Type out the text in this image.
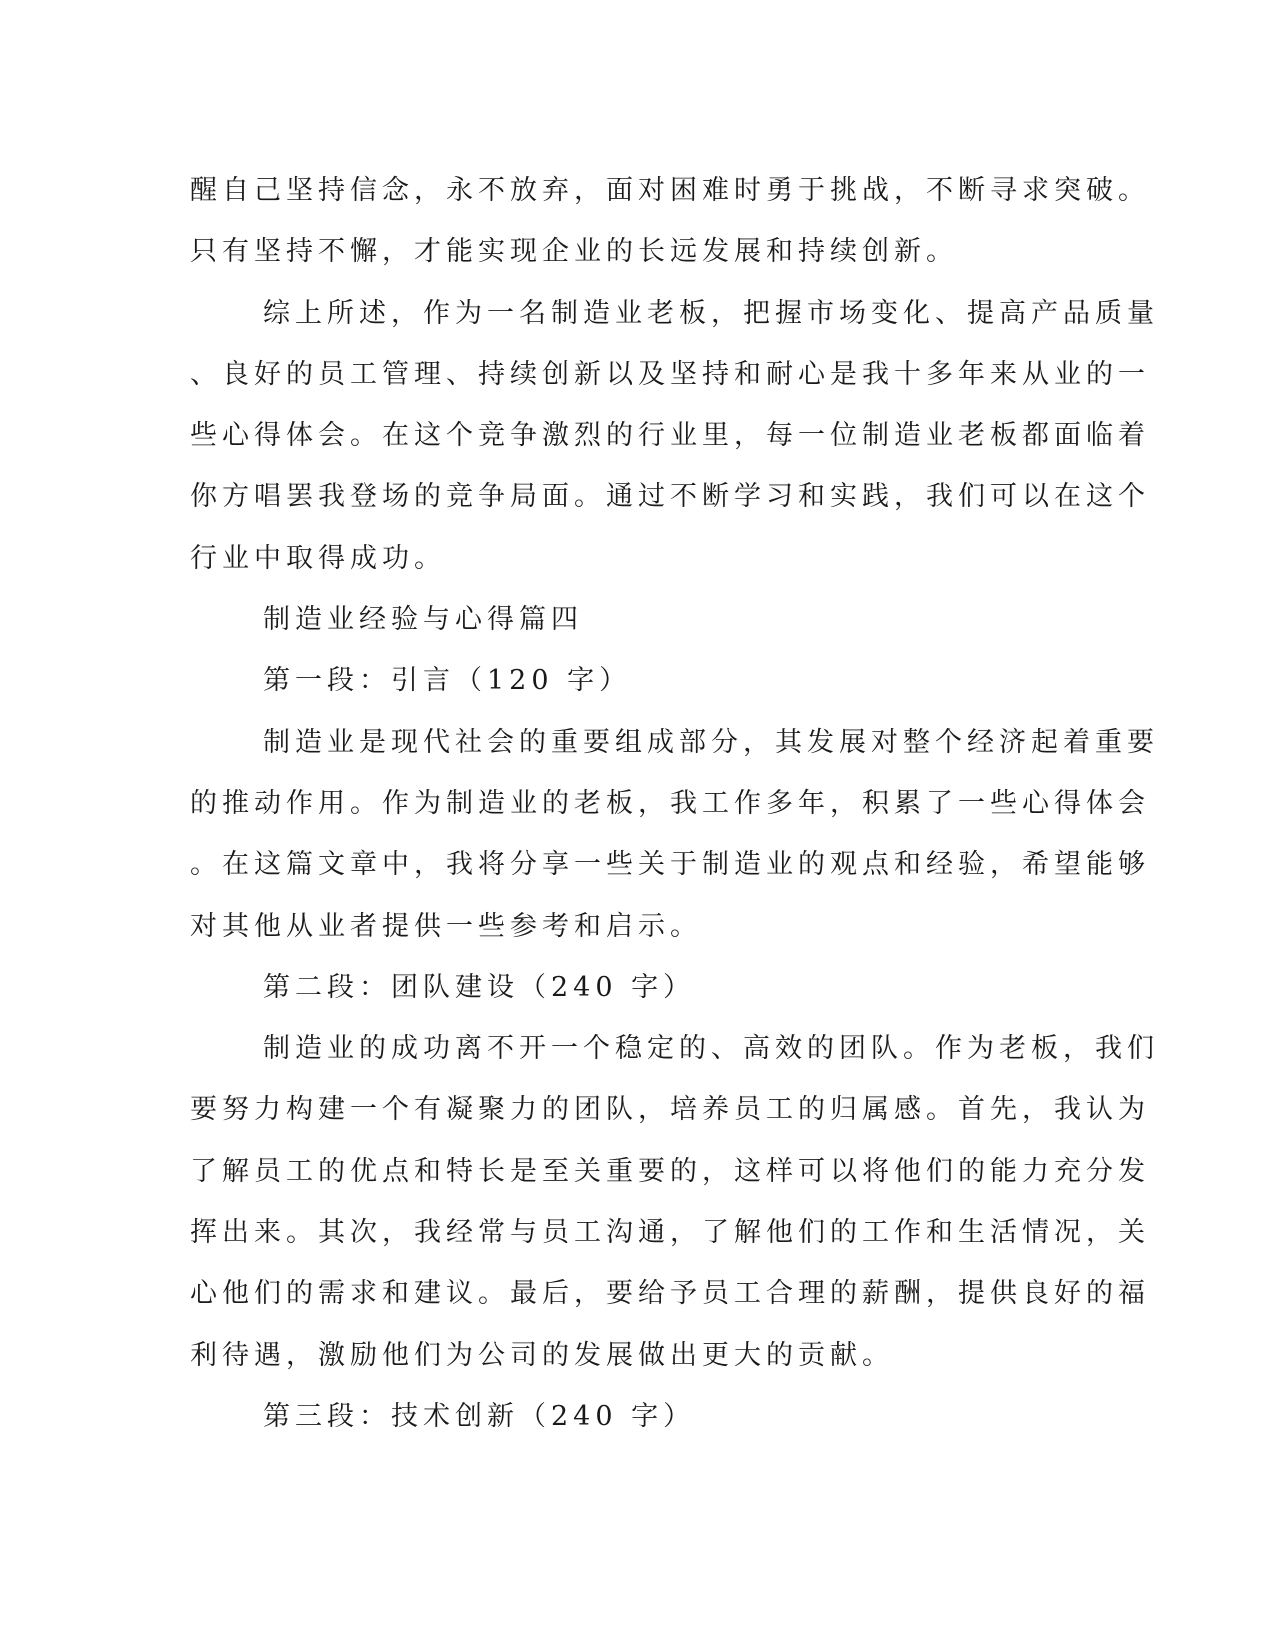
醒自己坚持信念，永不放弃，面对困难时勇于挑战，不断寻求突破。
只有坚持不懈，才能实现企业的长远发展和持续创新。
综上所述，作为一名制造业老板，把握市场变化、提高产品质量
、良好的员工管理、持续创新以及坚持和耐心是我十多年来从业的一
些心得体会。在这个竞争激烈的行业里，每一位制造业老板都面临着
你方唱罢我登场的竞争局面。通过不断学习和实践，我们可以在这个
行业中取得成功。
制造业经验与心得篇四
第一段：引言（120 字）
制造业是现代社会的重要组成部分，其发展对整个经济起着重要
的推动作用。作为制造业的老板，我工作多年，积累了一些心得体会
。在这篇文章中，我将分享一些关于制造业的观点和经验，希望能够
对其他从业者提供一些参考和启示。
第二段：团队建设（240 字）
制造业的成功离不开一个稳定的、高效的团队。作为老板，我们
要努力构建一个有凝聚力的团队，培养员工的归属感。首先，我认为
了解员工的优点和特长是至关重要的，这样可以将他们的能力充分发
挥出来。其次，我经常与员工沟通，了解他们的工作和生活情况，关
心他们的需求和建议。最后，要给予员工合理的薪酬，提供良好的福
利待遇，激励他们为公司的发展做出更大的贡献。
第三段：技术创新（240 字）
